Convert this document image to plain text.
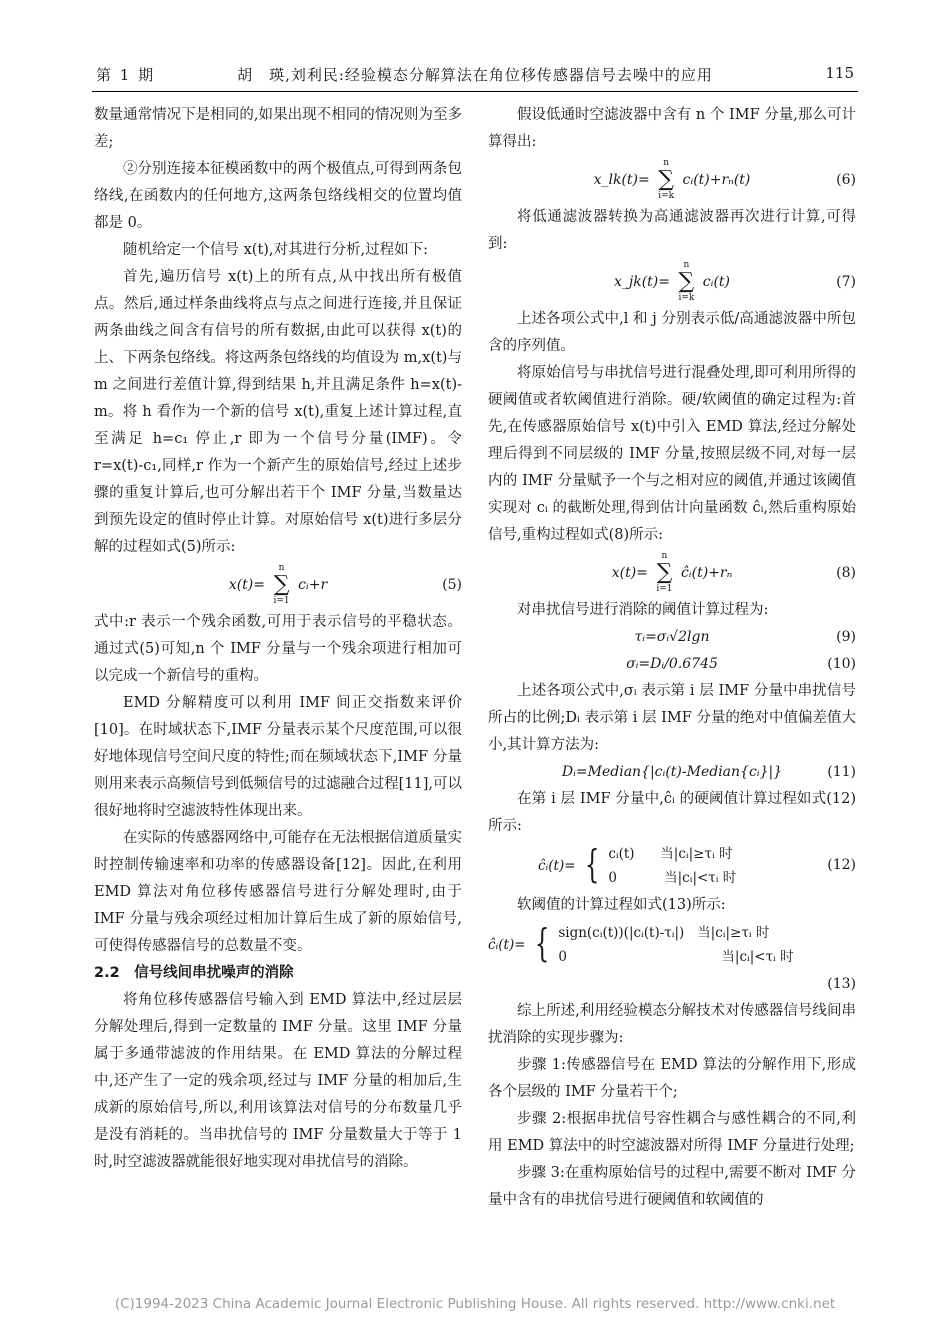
第 1 期	胡　瑛,刘利民:经验模态分解算法在角位移传感器信号去噪中的应用	115

数量通常情况下是相同的,如果出现不相同的情况则为至多差;

②分别连接本征模函数中的两个极值点,可得到两条包络线,在函数内的任何地方,这两条包络线相交的位置均值都是 0。

随机给定一个信号 x(t),对其进行分析,过程如下:

首先,遍历信号 x(t)上的所有点,从中找出所有极值点。然后,通过样条曲线将点与点之间进行连接,并且保证两条曲线之间含有信号的所有数据,由此可以获得 x(t)的上、下两条包络线。将这两条包络线的均值设为 m,x(t)与 m 之间进行差值计算,得到结果 h,并且满足条件 h=x(t)-m。将 h 看作为一个新的信号 x(t),重复上述计算过程,直至满足 h=c₁ 停止,r 即为一个信号分量(IMF)。令 r=x(t)-c₁,同样,r 作为一个新产生的原始信号,经过上述步骤的重复计算后,也可分解出若干个 IMF 分量,当数量达到预先设定的值时停止计算。对原始信号 x(t)进行多层分解的过程如式(5)所示:

x(t)=
n
∑
i=1
cᵢ+r	(5)

式中:r 表示一个残余函数,可用于表示信号的平稳状态。通过式(5)可知,n 个 IMF 分量与一个残余项进行相加可以完成一个新信号的重构。

EMD 分解精度可以利用 IMF 间正交指数来评价[10]。在时域状态下,IMF 分量表示某个尺度范围,可以很好地体现信号空间尺度的特性;而在频域状态下,IMF 分量则用来表示高频信号到低频信号的过滤融合过程[11],可以很好地将时空滤波特性体现出来。

在实际的传感器网络中,可能存在无法根据信道质量实时控制传输速率和功率的传感器设备[12]。因此,在利用 EMD 算法对角位移传感器信号进行分解处理时,由于 IMF 分量与残余项经过相加计算后生成了新的原始信号,可使得传感器信号的总数量不变。

2.2　信号线间串扰噪声的消除

将角位移传感器信号输入到 EMD 算法中,经过层层分解处理后,得到一定数量的 IMF 分量。这里 IMF 分量属于多通带滤波的作用结果。在 EMD 算法的分解过程中,还产生了一定的残余项,经过与 IMF 分量的相加后,生成新的原始信号,所以,利用该算法对信号的分布数量几乎是没有消耗的。当串扰信号的 IMF 分量数量大于等于 1 时,时空滤波器就能很好地实现对串扰信号的消除。

假设低通时空滤波器中含有 n 个 IMF 分量,那么可计算得出:

x_lk(t)=
n
∑
i=k
cᵢ(t)+rₙ(t)	(6)

将低通滤波器转换为高通滤波器再次进行计算,可得到:

x_jk(t)=
n
∑
i=k
cᵢ(t)	(7)

上述各项公式中,l 和 j 分别表示低/高通滤波器中所包含的序列值。

将原始信号与串扰信号进行混叠处理,即可利用所得的硬阈值或者软阈值进行消除。硬/软阈值的确定过程为:首先,在传感器原始信号 x(t)中引入 EMD 算法,经过分解处理后得到不同层级的 IMF 分量,按照层级不同,对每一层内的 IMF 分量赋予一个与之相对应的阈值,并通过该阈值实现对 cᵢ 的截断处理,得到估计向量函数 ĉᵢ,然后重构原始信号,重构过程如式(8)所示:

x(t)=
n
∑
i=1
ĉᵢ(t)+rₙ	(8)

对串扰信号进行消除的阈值计算过程为:

τᵢ=σᵢ√2lgn	(9)
σᵢ=Dᵢ/0.6745	(10)

上述各项公式中,σᵢ 表示第 i 层 IMF 分量中串扰信号所占的比例;Dᵢ 表示第 i 层 IMF 分量的绝对中值偏差值大小,其计算方法为:

Dᵢ=Median{|cᵢ(t)-Median{cᵢ}|}	(11)

在第 i 层 IMF 分量中,ĉᵢ 的硬阈值计算过程如式(12)所示:

ĉᵢ(t)= { cᵢ(t)      当|cᵢ|≥τᵢ 时
0           当|cᵢ|<τᵢ 时
(12)

软阈值的计算过程如式(13)所示:

ĉᵢ(t)= { sign(cᵢ(t))(|cᵢ(t)-τᵢ|)   当|cᵢ|≥τᵢ 时
0                                    当|cᵢ|<τᵢ 时
(13)

综上所述,利用经验模态分解技术对传感器信号线间串扰消除的实现步骤为:

步骤 1:传感器信号在 EMD 算法的分解作用下,形成各个层级的 IMF 分量若干个;

步骤 2:根据串扰信号容性耦合与感性耦合的不同,利用 EMD 算法中的时空滤波器对所得 IMF 分量进行处理;

步骤 3:在重构原始信号的过程中,需要不断对 IMF 分量中含有的串扰信号进行硬阈值和软阈值的

(C)1994-2023 China Academic Journal Electronic Publishing House. All rights reserved. http://www.cnki.net
